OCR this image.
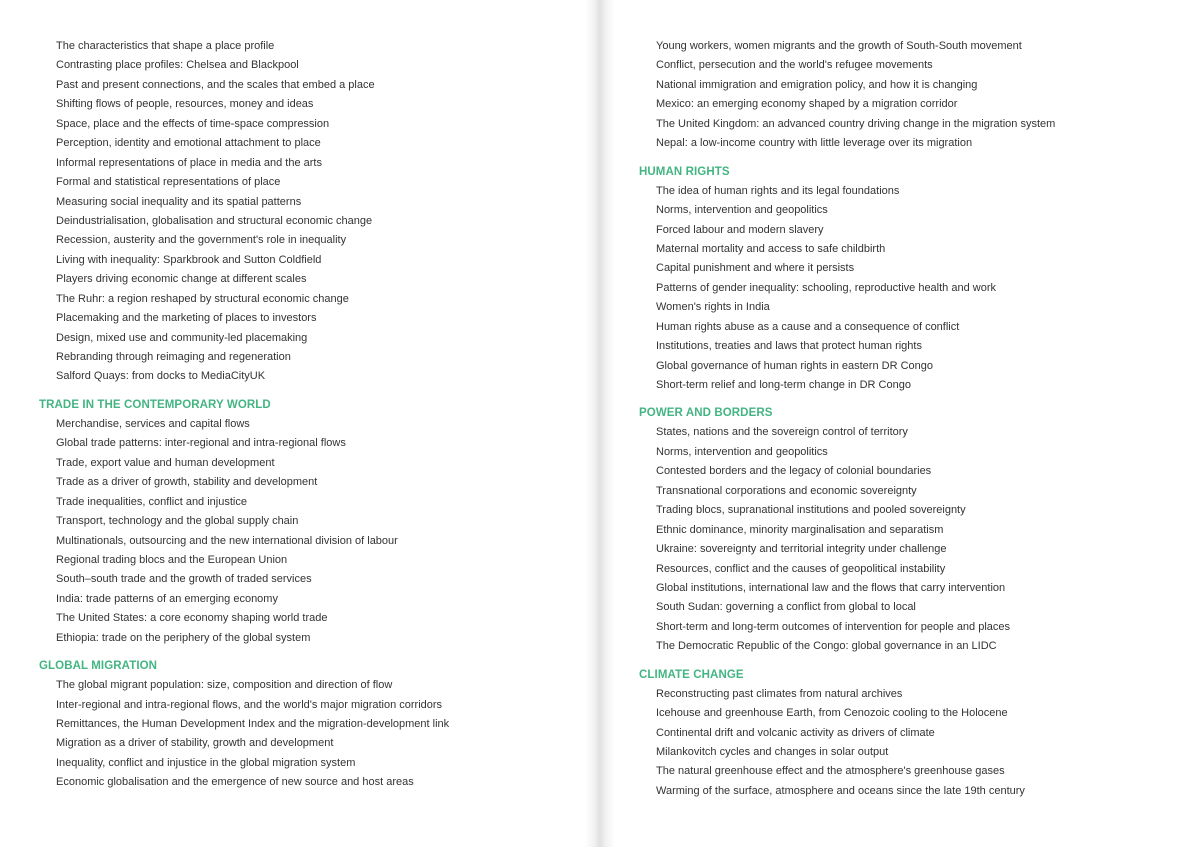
The characteristics that shape a place profile
Contrasting place profiles: Chelsea and Blackpool
Past and present connections, and the scales that embed a place
Shifting flows of people, resources, money and ideas
Space, place and the effects of time-space compression
Perception, identity and emotional attachment to place
Informal representations of place in media and the arts
Formal and statistical representations of place
Measuring social inequality and its spatial patterns
Deindustrialisation, globalisation and structural economic change
Recession, austerity and the government's role in inequality
Living with inequality: Sparkbrook and Sutton Coldfield
Players driving economic change at different scales
The Ruhr: a region reshaped by structural economic change
Placemaking and the marketing of places to investors
Design, mixed use and community-led placemaking
Rebranding through reimaging and regeneration
Salford Quays: from docks to MediaCityUK
TRADE IN THE CONTEMPORARY WORLD
Merchandise, services and capital flows
Global trade patterns: inter-regional and intra-regional flows
Trade, export value and human development
Trade as a driver of growth, stability and development
Trade inequalities, conflict and injustice
Transport, technology and the global supply chain
Multinationals, outsourcing and the new international division of labour
Regional trading blocs and the European Union
South–south trade and the growth of traded services
India: trade patterns of an emerging economy
The United States: a core economy shaping world trade
Ethiopia: trade on the periphery of the global system
GLOBAL MIGRATION
The global migrant population: size, composition and direction of flow
Inter-regional and intra-regional flows, and the world's major migration corridors
Remittances, the Human Development Index and the migration-development link
Migration as a driver of stability, growth and development
Inequality, conflict and injustice in the global migration system
Economic globalisation and the emergence of new source and host areas
Young workers, women migrants and the growth of South-South movement
Conflict, persecution and the world's refugee movements
National immigration and emigration policy, and how it is changing
Mexico: an emerging economy shaped by a migration corridor
The United Kingdom: an advanced country driving change in the migration system
Nepal: a low-income country with little leverage over its migration
HUMAN RIGHTS
The idea of human rights and its legal foundations
Norms, intervention and geopolitics
Forced labour and modern slavery
Maternal mortality and access to safe childbirth
Capital punishment and where it persists
Patterns of gender inequality: schooling, reproductive health and work
Women's rights in India
Human rights abuse as a cause and a consequence of conflict
Institutions, treaties and laws that protect human rights
Global governance of human rights in eastern DR Congo
Short-term relief and long-term change in DR Congo
POWER AND BORDERS
States, nations and the sovereign control of territory
Norms, intervention and geopolitics
Contested borders and the legacy of colonial boundaries
Transnational corporations and economic sovereignty
Trading blocs, supranational institutions and pooled sovereignty
Ethnic dominance, minority marginalisation and separatism
Ukraine: sovereignty and territorial integrity under challenge
Resources, conflict and the causes of geopolitical instability
Global institutions, international law and the flows that carry intervention
South Sudan: governing a conflict from global to local
Short-term and long-term outcomes of intervention for people and places
The Democratic Republic of the Congo: global governance in an LIDC
CLIMATE CHANGE
Reconstructing past climates from natural archives
Icehouse and greenhouse Earth, from Cenozoic cooling to the Holocene
Continental drift and volcanic activity as drivers of climate
Milankovitch cycles and changes in solar output
The natural greenhouse effect and the atmosphere's greenhouse gases
Warming of the surface, atmosphere and oceans since the late 19th century
